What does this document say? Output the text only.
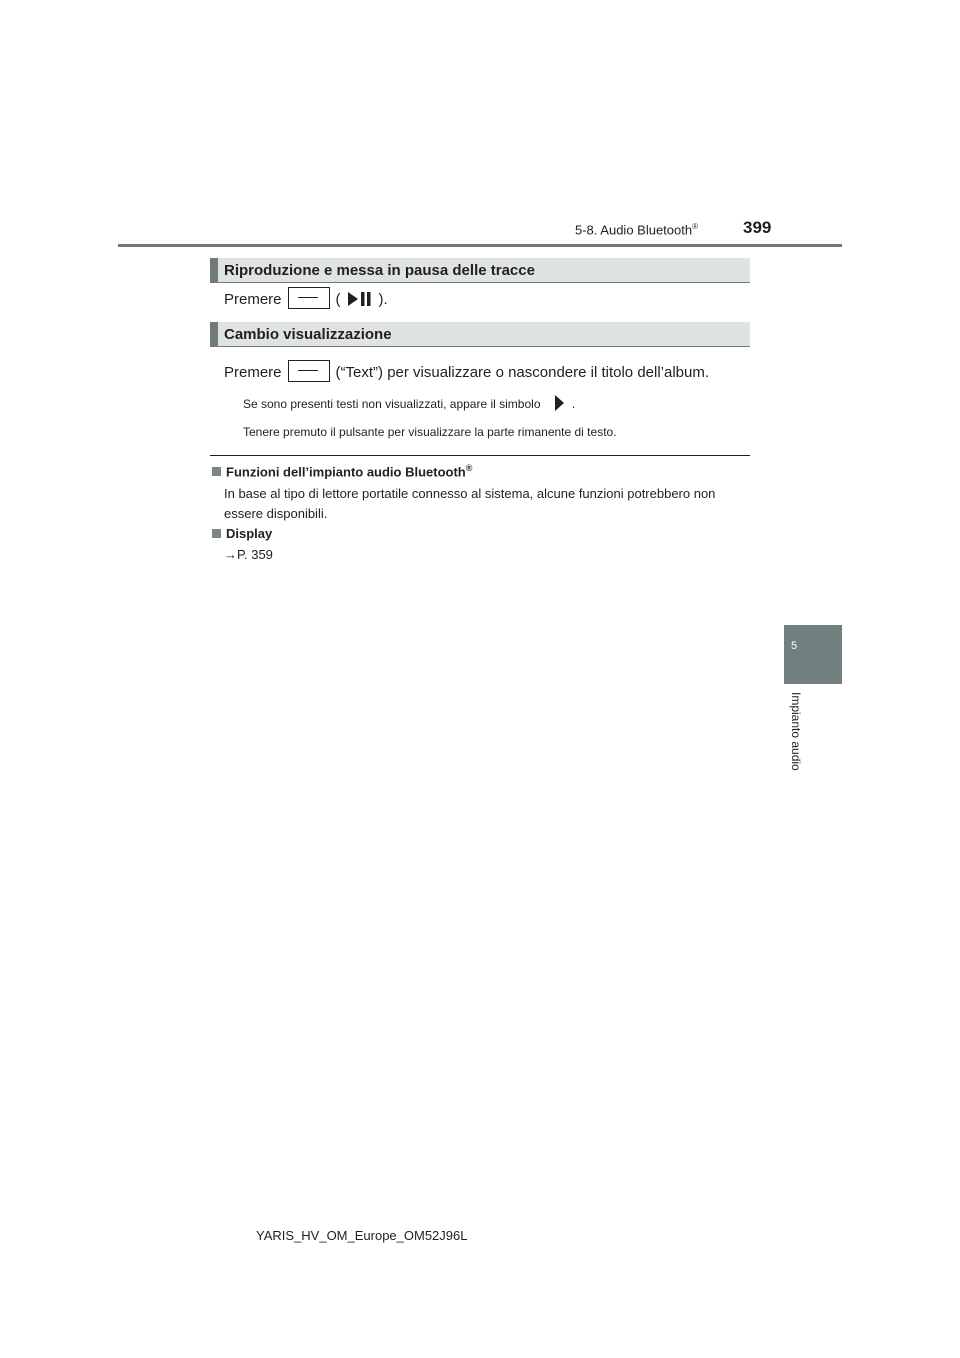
5-8. Audio Bluetooth®	399
5
Impianto audio
Riproduzione e messa in pausa delle tracce
Premere	(	).
Cambio visualizzazione
Premere	(“Text”) per visualizzare o nascondere il titolo dell’album.
Se sono presenti testi non visualizzati, appare il simbolo	.
Tenere premuto il pulsante per visualizzare la parte rimanente di testo.
Funzioni dell’impianto audio Bluetooth®
In base al tipo di lettore portatile connesso al sistema, alcune funzioni potrebbero non essere disponibili.
Display
→P. 359
YARIS_HV_OM_Europe_OM52J96L
